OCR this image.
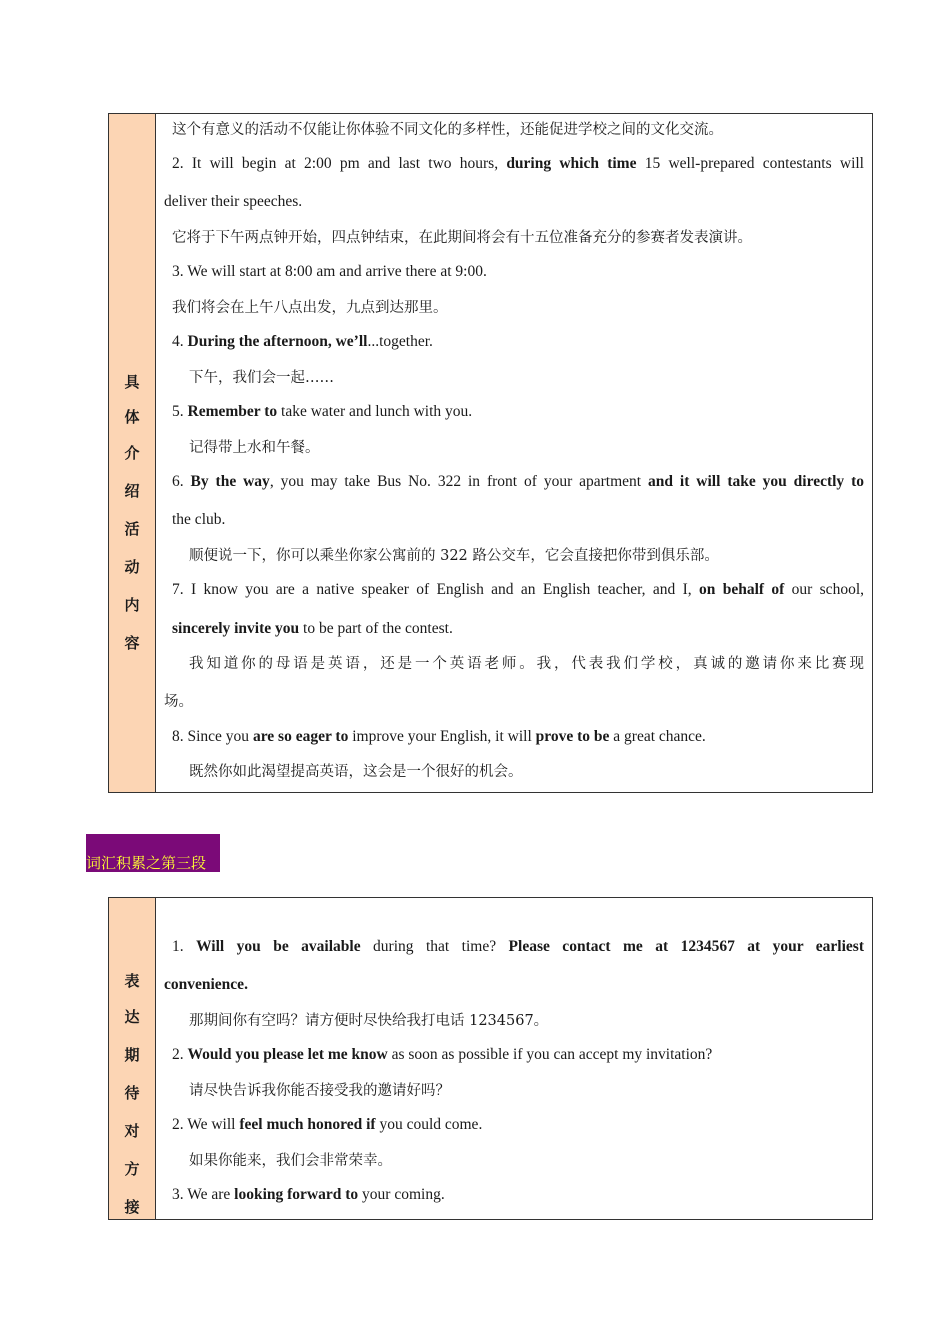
具
体
介
绍
活
动
内
容
这个有意义的活动不仅能让你体验不同文化的多样性，还能促进学校之间的文化交流。
2. It will begin at 2:00 pm and last two hours, during which time 15 well-prepared contestants will
deliver their speeches.
它将于下午两点钟开始，四点钟结束，在此期间将会有十五位准备充分的参赛者发表演讲。
3. We will start at 8:00 am and arrive there at 9:00.
我们将会在上午八点出发，九点到达那里。
4. During the afternoon, we’ll...together.
下午，我们会一起……
5. Remember to take water and lunch with you.
记得带上水和午餐。
6. By the way, you may take Bus No. 322 in front of your apartment and it will take you directly to
the club.
顺便说一下，你可以乘坐你家公寓前的 322 路公交车，它会直接把你带到俱乐部。
7. I know you are a native speaker of English and an English teacher, and I, on behalf of our school,
sincerely invite you to be part of the contest.
我知道你的母语是英语，还是一个英语老师。我，代表我们学校，真诚的邀请你来比赛现
场。
8. Since you are so eager to improve your English, it will prove to be a great chance.
既然你如此渴望提高英语，这会是一个很好的机会。
词汇积累之第三段
表
达
期
待
对
方
接
1. Will you be available during that time? Please contact me at 1234567 at your earliest
convenience.
那期间你有空吗？请方便时尽快给我打电话 1234567。
2. Would you please let me know as soon as possible if you can accept my invitation?
请尽快告诉我你能否接受我的邀请好吗？
2. We will feel much honored if you could come.
如果你能来，我们会非常荣幸。
3. We are looking forward to your coming.
